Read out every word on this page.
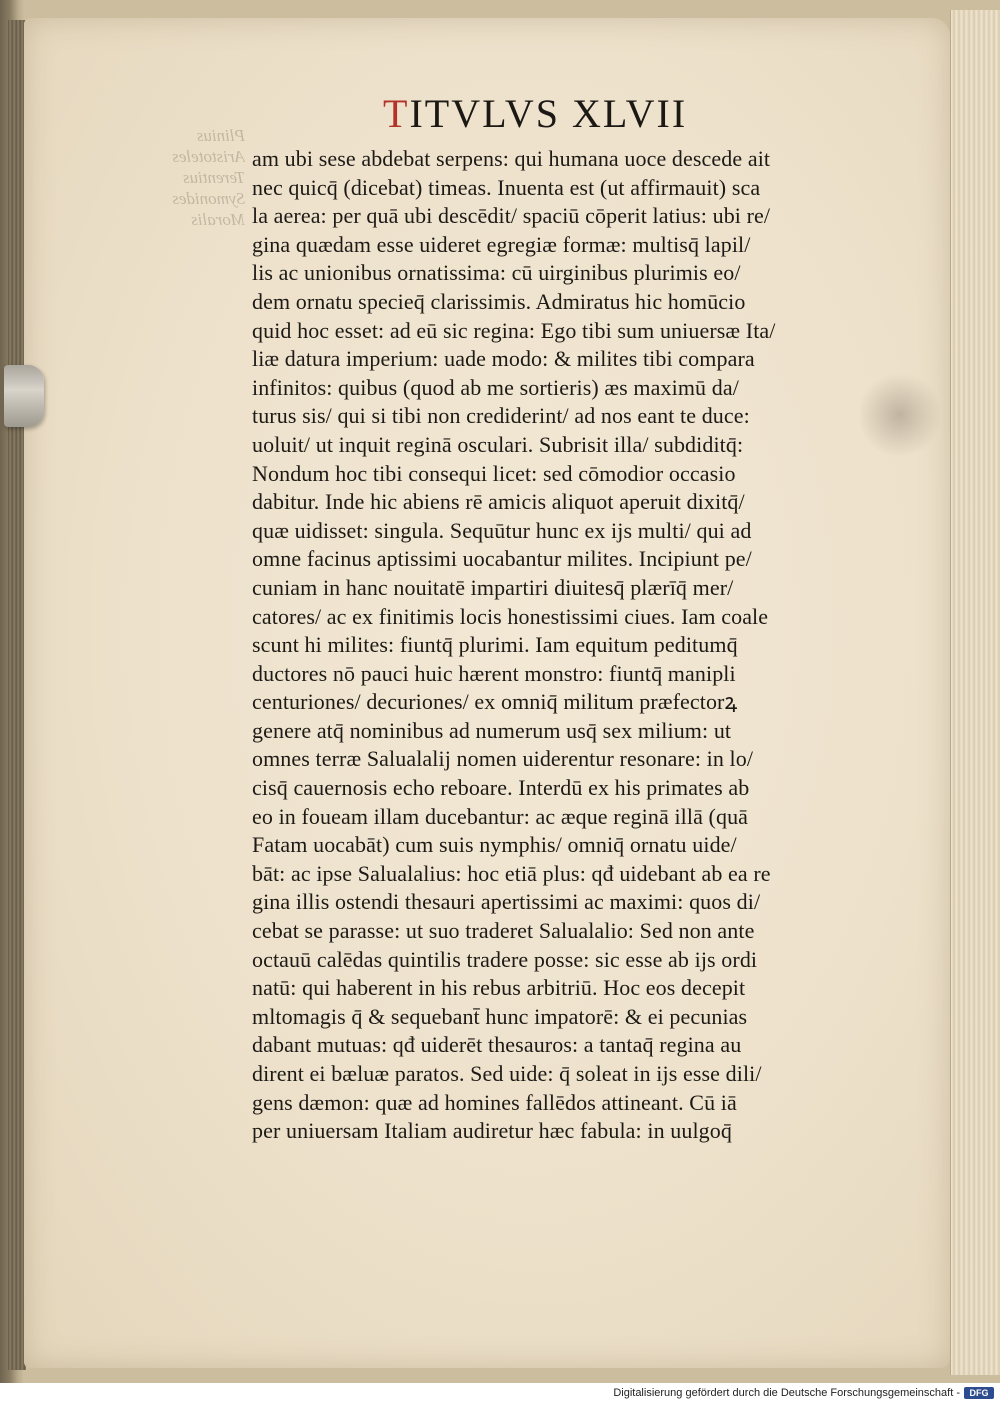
TITVLVS XLVII
Plinius
Aristoteles
Terentius
Symonides
Moralis
am ubi sese abdebat serpens: qui humana uoce descede ait
nec quicq̄ (dicebat) timeas. Inuenta est (ut affirmauit) sca
la aerea: per quā ubi descēdit/ spaciū cōperit latius: ubi re/
gina quædam esse uideret egregiæ formæ: multisq̄ lapil/
lis ac unionibus ornatissima: cū uirginibus plurimis eo/
dem ornatu specieq̄ clarissimis. Admiratus hic homūcio
quid hoc esset: ad eū sic regina: Ego tibi sum uniuersæ Ita/
liæ datura imperium: uade modo: & milites tibi compara
infinitos: quibus (quod ab me sortieris) æs maximū da/
turus sis/ qui si tibi non crediderint/ ad nos eant te duce:
uoluit/ ut inquit reginā osculari. Subrisit illa/ subdiditq̄:
Nondum hoc tibi consequi licet: sed cōmodior occasio
dabitur. Inde hic abiens rē amicis aliquot aperuit dixitq̄/
quæ uidisset: singula. Sequūtur hunc ex ijs multi/ qui ad
omne facinus aptissimi uocabantur milites. Incipiunt pe/
cuniam in hanc nouitatē impartiri diuitesq̄ plærīq̄ mer/
catores/ ac ex finitimis locis honestissimi ciues. Iam coale
scunt hi milites: fiuntq̄ plurimi. Iam equitum peditumq̄
ductores nō pauci huic hærent monstro: fiuntq̄ manipli
centuriones/ decuriones/ ex omniq̄ militum præfectorꝝ
genere atq̄ nominibus ad numerum usq̄ sex milium: ut
omnes terræ Salualalij nomen uiderentur resonare: in lo/
cisq̄ cauernosis echo reboare. Interdū ex his primates ab
eo in foueam illam ducebantur: ac æque reginā illā (quā
Fatam uocabāt) cum suis nymphis/ omniq̄ ornatu uide/
bāt: ac ipse Salualalius: hoc etiā plus: qđ uidebant ab ea re
gina illis ostendi thesauri apertissimi ac maximi: quos di/
cebat se parasse: ut suo traderet Salualalio: Sed non ante
octauū calēdas quintilis tradere posse: sic esse ab ijs ordi
natū: qui haberent in his rebus arbitriū. Hoc eos decepit
mltomagis q̄ & sequebant̄ hunc impatorē: & ei pecunias
dabant mutuas: qđ uiderēt thesauros: a tantaq̄ regina au
dirent ei bæluæ paratos. Sed uide: q̄ soleat in ijs esse dili/
gens dæmon: quæ ad homines fallēdos attineant. Cū iā
per uniuersam Italiam audiretur hæc fabula: in uulgoq̄
Digitalisierung gefördert durch die Deutsche Forschungsgemeinschaft -	DFG
